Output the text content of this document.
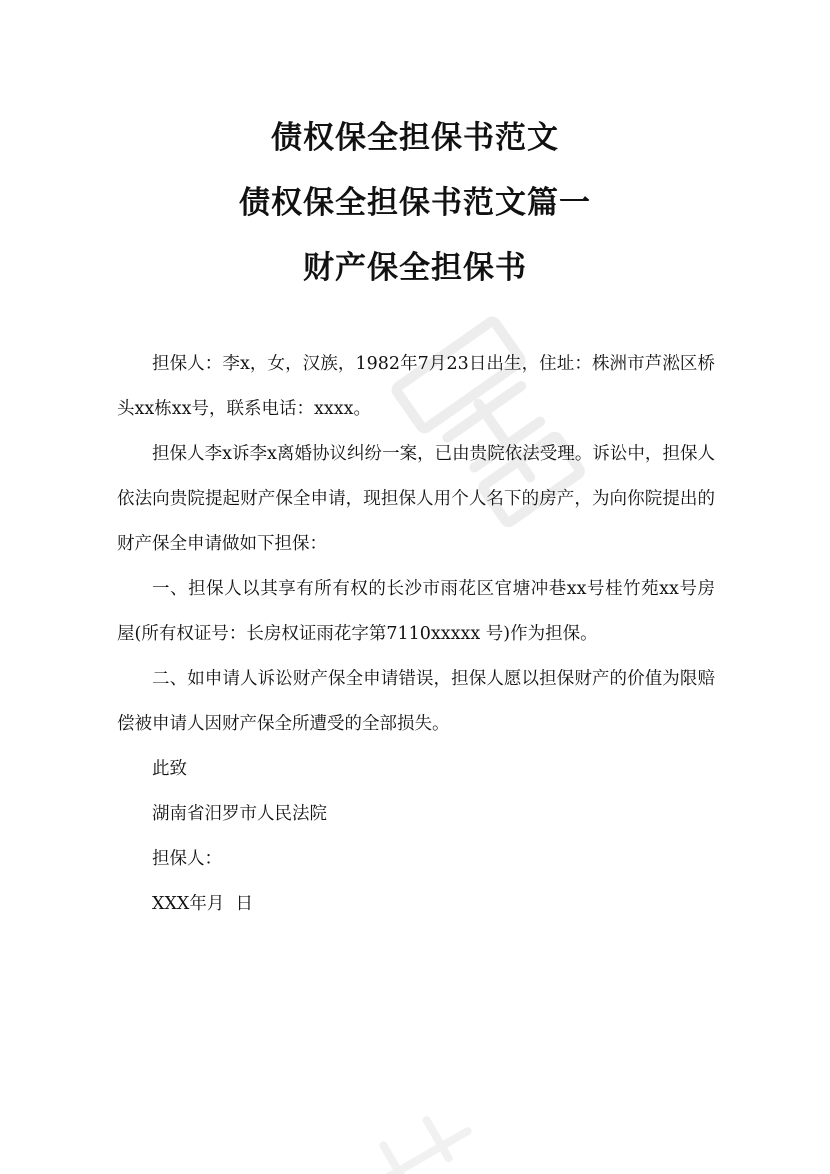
债权保全担保书范文
债权保全担保书范文篇一
财产保全担保书

担保人：李x，女，汉族，1982年7月23日出生，住址：株洲市芦淞区桥头xx栋xx号，联系电话：xxxx。

担保人李x诉李x离婚协议纠纷一案，已由贵院依法受理。诉讼中，担保人依法向贵院提起财产保全申请，现担保人用个人名下的房产，为向你院提出的财产保全申请做如下担保：

一、担保人以其享有所有权的长沙市雨花区官塘冲巷xx号桂竹苑xx号房屋(所有权证号：长房权证雨花字第7110xxxxx 号)作为担保。

二、如申请人诉讼财产保全申请错误，担保人愿以担保财产的价值为限赔偿被申请人因财产保全所遭受的全部损失。

此致

湖南省汨罗市人民法院

担保人：

XXX年月  日
